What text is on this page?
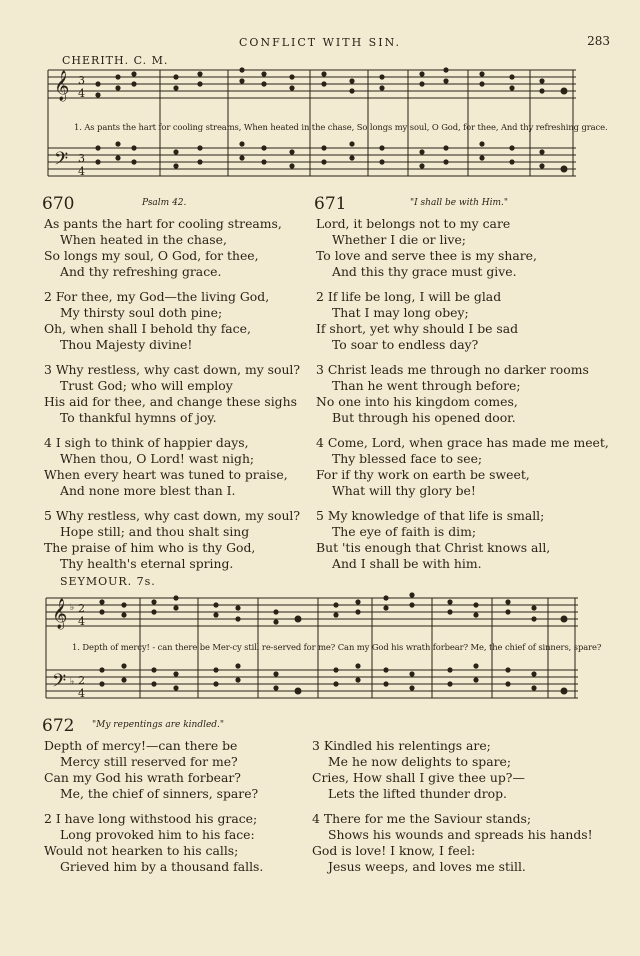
CONFLICT WITH SIN.	283
CHERITH. C. M.
𝄞
𝄢
3
4
3
4
1. As pants the hart for cooling streams, When heated in the chase, So longs my soul, O God, for thee, And thy refreshing grace.
670	Psalm 42.
As pants the hart for cooling streams,
When heated in the chase,
So longs my soul, O God, for thee,
And thy refreshing grace.
2 For thee, my God—the living God,
My thirsty soul doth pine;
Oh, when shall I behold thy face,
Thou Majesty divine!
3 Why restless, why cast down, my soul?
Trust God; who will employ
His aid for thee, and change these sighs
To thankful hymns of joy.
4 I sigh to think of happier days,
When thou, O Lord! wast nigh;
When every heart was tuned to praise,
And none more blest than I.
5 Why restless, why cast down, my soul?
Hope still; and thou shalt sing
The praise of him who is thy God,
Thy health's eternal spring.
671	"I shall be with Him."
Lord, it belongs not to my care
Whether I die or live;
To love and serve thee is my share,
And this thy grace must give.
2 If life be long, I will be glad
That I may long obey;
If short, yet why should I be sad
To soar to endless day?
3 Christ leads me through no darker rooms
Than he went through before;
No one into his kingdom comes,
But through his opened door.
4 Come, Lord, when grace has made me meet,
Thy blessed face to see;
For if thy work on earth be sweet,
What will thy glory be!
5 My knowledge of that life is small;
The eye of faith is dim;
But 'tis enough that Christ knows all,
And I shall be with him.
SEYMOUR. 7s.
𝄞
𝄢
♭
♭
2
4
2
4
1. Depth of mercy! - can there be Mer-cy still re-served for me? Can my God his wrath forbear? Me, the chief of sinners, spare?
672 "My repentings are kindled."
Depth of mercy!—can there be
Mercy still reserved for me?
Can my God his wrath forbear?
Me, the chief of sinners, spare?
2 I have long withstood his grace;
Long provoked him to his face:
Would not hearken to his calls;
Grieved him by a thousand falls.
3 Kindled his relentings are;
Me he now delights to spare;
Cries, How shall I give thee up?—
Lets the lifted thunder drop.
4 There for me the Saviour stands;
Shows his wounds and spreads his hands!
God is love! I know, I feel:
Jesus weeps, and loves me still.
